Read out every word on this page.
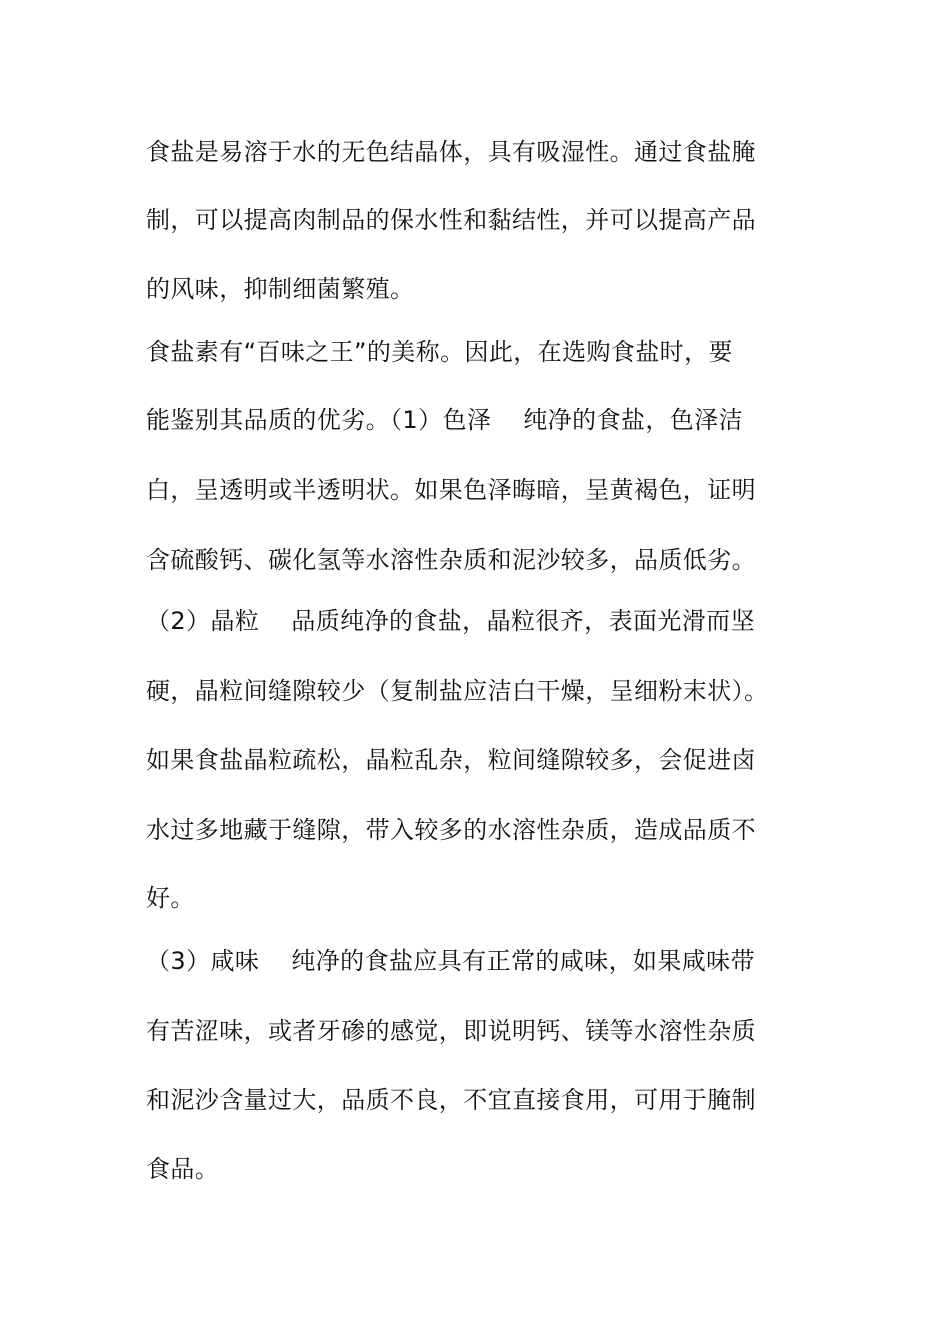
食盐是易溶于水的无色结晶体，具有吸湿性。通过食盐腌

制，可以提高肉制品的保水性和黏结性，并可以提高产品

的风味，抑制细菌繁殖。

食盐素有“百味之王”的美称。因此，在选购食盐时，要

能鉴别其品质的优劣。（1）色泽    纯净的食盐，色泽洁

白，呈透明或半透明状。如果色泽晦暗，呈黄褐色，证明

含硫酸钙、碳化氢等水溶性杂质和泥沙较多，品质低劣。

（2）晶粒    品质纯净的食盐，晶粒很齐，表面光滑而坚

硬，晶粒间缝隙较少（复制盐应洁白干燥，呈细粉末状）。

如果食盐晶粒疏松，晶粒乱杂，粒间缝隙较多，会促进卤

水过多地藏于缝隙，带入较多的水溶性杂质，造成品质不

好。

（3）咸味    纯净的食盐应具有正常的咸味，如果咸味带

有苦涩味，或者牙碜的感觉，即说明钙、镁等水溶性杂质

和泥沙含量过大，品质不良，不宜直接食用，可用于腌制

食品。
